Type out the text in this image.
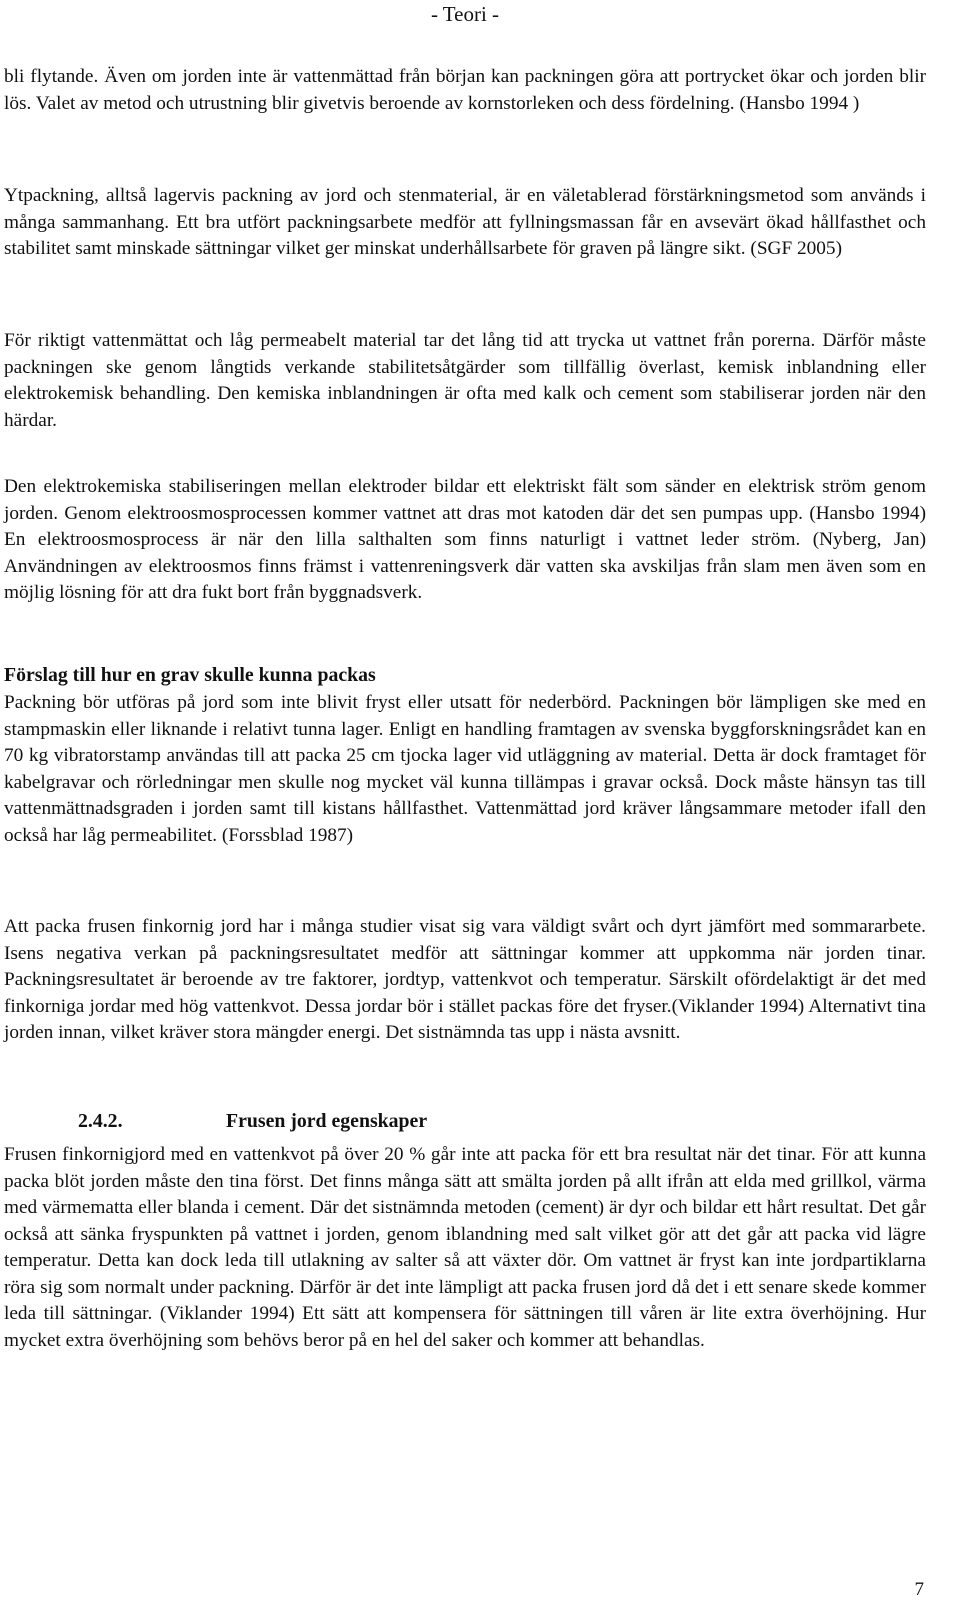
- Teori -

bli flytande. Även om jorden inte är vattenmättad från början kan packningen göra att portrycket ökar och jorden blir lös. Valet av metod och utrustning blir givetvis beroende av kornstorleken och dess fördelning. (Hansbo 1994 )

Ytpackning, alltså lagervis packning av jord och stenmaterial, är en väletablerad förstärkningsmetod som används i många sammanhang. Ett bra utfört packningsarbete medför att fyllningsmassan får en avsevärt ökad hållfasthet och stabilitet samt minskade sättningar vilket ger minskat underhållsarbete för graven på längre sikt. (SGF 2005)

För riktigt vattenmättat och låg permeabelt material tar det lång tid att trycka ut vattnet från porerna. Därför måste packningen ske genom långtids verkande stabilitetsåtgärder som tillfällig överlast, kemisk inblandning eller elektrokemisk behandling. Den kemiska inblandningen är ofta med kalk och cement som stabiliserar jorden när den härdar.

Den elektrokemiska stabiliseringen mellan elektroder bildar ett elektriskt fält som sänder en elektrisk ström genom jorden. Genom elektroosmosprocessen kommer vattnet att dras mot katoden där det sen pumpas upp. (Hansbo 1994) En elektroosmosprocess är när den lilla salthalten som finns naturligt i vattnet leder ström. (Nyberg, Jan) Användningen av elektroosmos finns främst i vattenreningsverk där vatten ska avskiljas från slam men även som en möjlig lösning för att dra fukt bort från byggnadsverk.

Förslag till hur en grav skulle kunna packas

Packning bör utföras på jord som inte blivit fryst eller utsatt för nederbörd. Packningen bör lämpligen ske med en stampmaskin eller liknande i relativt tunna lager. Enligt en handling framtagen av svenska byggforskningsrådet kan en 70 kg vibratorstamp användas till att packa 25 cm tjocka lager vid utläggning av material. Detta är dock framtaget för kabelgravar och rörledningar men skulle nog mycket väl kunna tillämpas i gravar också. Dock måste hänsyn tas till vattenmättnadsgraden i jorden samt till kistans hållfasthet. Vattenmättad jord kräver långsammare metoder ifall den också har låg permeabilitet. (Forssblad 1987)

Att packa frusen finkornig jord har i många studier visat sig vara väldigt svårt och dyrt jämfört med sommararbete. Isens negativa verkan på packningsresultatet medför att sättningar kommer att uppkomma när jorden tinar. Packningsresultatet är beroende av tre faktorer, jordtyp, vattenkvot och temperatur. Särskilt ofördelaktigt är det med finkorniga jordar med hög vattenkvot. Dessa jordar bör i stället packas före det fryser.(Viklander 1994) Alternativt tina jorden innan, vilket kräver stora mängder energi. Det sistnämnda tas upp i nästa avsnitt.

2.4.2.	Frusen jord egenskaper

Frusen finkornigjord med en vattenkvot på över 20 % går inte att packa för ett bra resultat när det tinar. För att kunna packa blöt jorden måste den tina först. Det finns många sätt att smälta jorden på allt ifrån att elda med grillkol, värma med värmematta eller blanda i cement. Där det sistnämnda metoden (cement) är dyr och bildar ett hårt resultat. Det går också att sänka fryspunkten på vattnet i jorden, genom iblandning med salt vilket gör att det går att packa vid lägre temperatur. Detta kan dock leda till utlakning av salter så att växter dör. Om vattnet är fryst kan inte jordpartiklarna röra sig som normalt under packning. Därför är det inte lämpligt att packa frusen jord då det i ett senare skede kommer leda till sättningar. (Viklander 1994) Ett sätt att kompensera för sättningen till våren är lite extra överhöjning. Hur mycket extra överhöjning som behövs beror på en hel del saker och kommer att behandlas.

7
